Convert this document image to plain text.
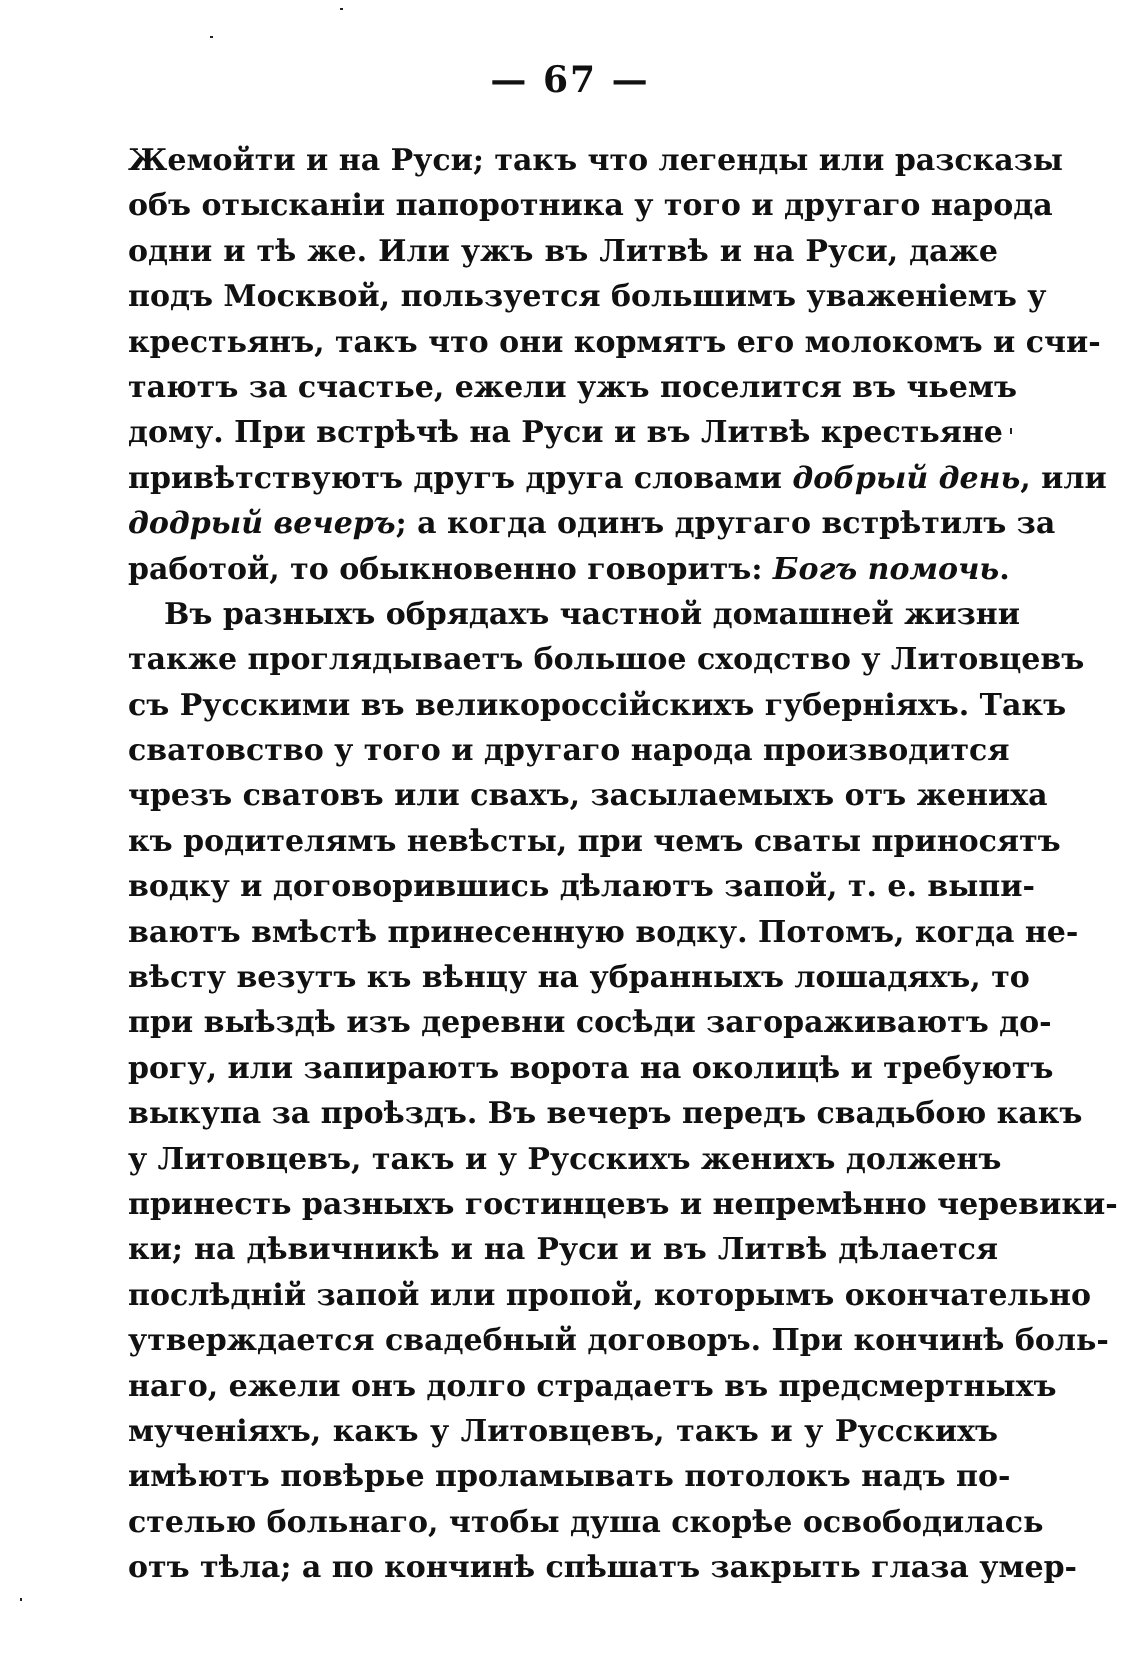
— 67 —
Жемойти и на Руси; такъ что легенды или разсказы
объ отысканіи папоротника у того и другаго народа
одни и тѣ же. Или ужъ въ Литвѣ и на Руси, даже
подъ Москвой, пользуется большимъ уваженіемъ у
крестьянъ, такъ что они кормятъ его молокомъ и счи-
таютъ за счастье, ежели ужъ поселится въ чьемъ
дому. При встрѣчѣ на Руси и въ Литвѣ крестьяне
привѣтствуютъ другъ друга словами добрый день, или
додрый вечеръ; а когда одинъ другаго встрѣтилъ за
работой, то обыкновенно говоритъ: Богъ помочь.
Въ разныхъ обрядахъ частной домашней жизни
также проглядываетъ большое сходство у Литовцевъ
съ Русскими въ великороссійскихъ губерніяхъ. Такъ
сватовство у того и другаго народа производится
чрезъ сватовъ или свахъ, засылаемыхъ отъ жениха
къ родителямъ невѣсты, при чемъ сваты приносятъ
водку и договорившись дѣлаютъ запой, т. е. выпи-
ваютъ вмѣстѣ принесенную водку. Потомъ, когда не-
вѣсту везутъ къ вѣнцу на убранныхъ лошадяхъ, то
при выѣздѣ изъ деревни сосѣди загораживаютъ до-
рогу, или запираютъ ворота на околицѣ и требуютъ
выкупа за проѣздъ. Въ вечеръ передъ свадьбою какъ
у Литовцевъ, такъ и у Русскихъ женихъ долженъ
принесть разныхъ гостинцевъ и непремѣнно черевики-
ки; на дѣвичникѣ и на Руси и въ Литвѣ дѣлается
послѣдній запой или пропой, которымъ окончательно
утверждается свадебный договоръ. При кончинѣ боль-
наго, ежели онъ долго страдаетъ въ предсмертныхъ
мученіяхъ, какъ у Литовцевъ, такъ и у Русскихъ
имѣютъ повѣрье проламывать потолокъ надъ по-
стелью больнаго, чтобы душа скорѣе освободилась
отъ тѣла; а по кончинѣ спѣшатъ закрыть глаза умер-
